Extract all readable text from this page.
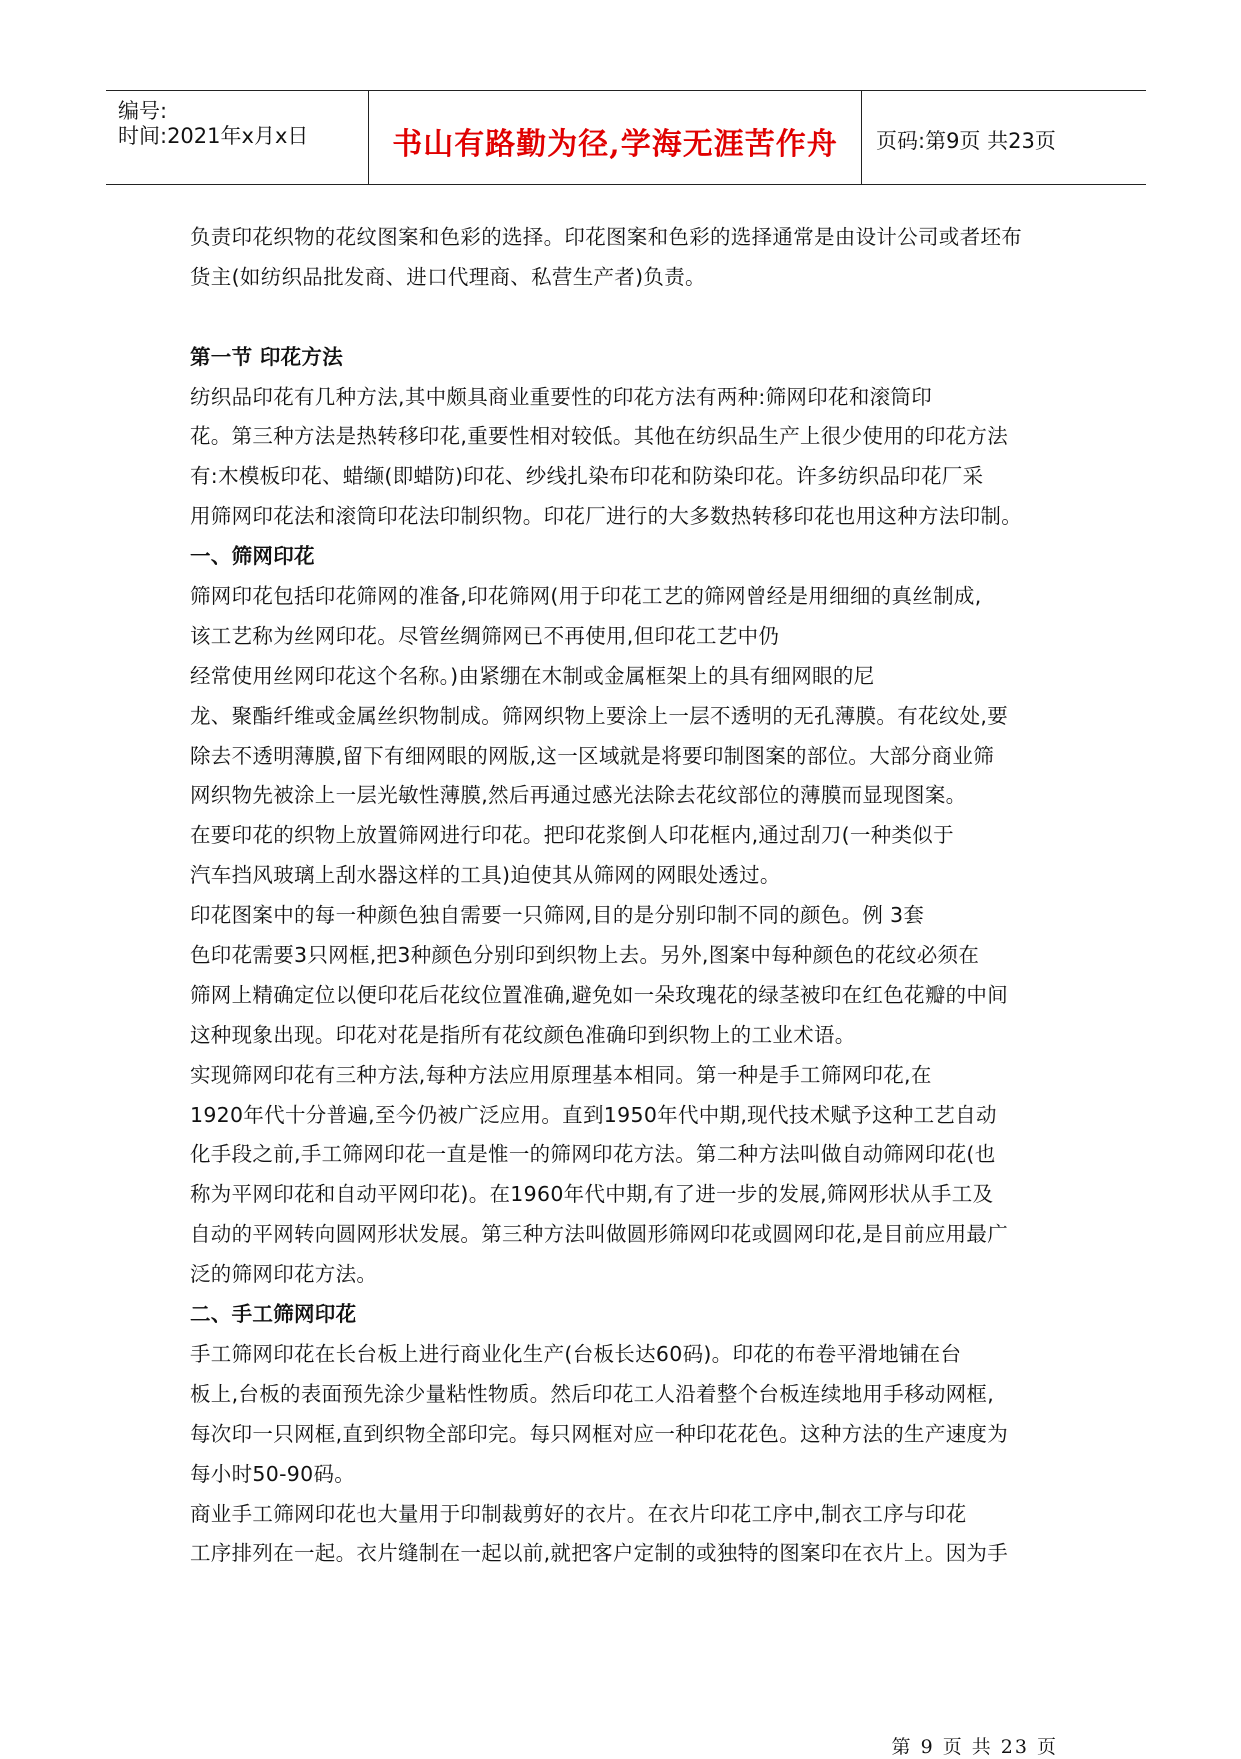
编号:
时间:2021年x月x日	书山有路勤为径,学海无涯苦作舟	页码:第9页 共23页
负责印花织物的花纹图案和色彩的选择。印花图案和色彩的选择通常是由设计公司或者坯布
货主(如纺织品批发商、进口代理商、私营生产者)负责。
第一节 印花方法
纺织品印花有几种方法,其中颇具商业重要性的印花方法有两种:筛网印花和滚筒印
花。第三种方法是热转移印花,重要性相对较低。其他在纺织品生产上很少使用的印花方法
有:木模板印花、蜡缬(即蜡防)印花、纱线扎染布印花和防染印花。许多纺织品印花厂采
用筛网印花法和滚筒印花法印制织物。印花厂进行的大多数热转移印花也用这种方法印制。
一、筛网印花
筛网印花包括印花筛网的准备,印花筛网(用于印花工艺的筛网曾经是用细细的真丝制成,
该工艺称为丝网印花。尽管丝绸筛网已不再使用,但印花工艺中仍
经常使用丝网印花这个名称。)由紧绷在木制或金属框架上的具有细网眼的尼
龙、聚酯纤维或金属丝织物制成。筛网织物上要涂上一层不透明的无孔薄膜。有花纹处,要
除去不透明薄膜,留下有细网眼的网版,这一区域就是将要印制图案的部位。大部分商业筛
网织物先被涂上一层光敏性薄膜,然后再通过感光法除去花纹部位的薄膜而显现图案。
在要印花的织物上放置筛网进行印花。把印花浆倒人印花框内,通过刮刀(一种类似于
汽车挡风玻璃上刮水器这样的工具)迫使其从筛网的网眼处透过。
印花图案中的每一种颜色独自需要一只筛网,目的是分别印制不同的颜色。例 3套
色印花需要3只网框,把3种颜色分别印到织物上去。另外,图案中每种颜色的花纹必须在
筛网上精确定位以便印花后花纹位置准确,避免如一朵玫瑰花的绿茎被印在红色花瓣的中间
这种现象出现。印花对花是指所有花纹颜色准确印到织物上的工业术语。
实现筛网印花有三种方法,每种方法应用原理基本相同。第一种是手工筛网印花,在
1920年代十分普遍,至今仍被广泛应用。直到1950年代中期,现代技术赋予这种工艺自动
化手段之前,手工筛网印花一直是惟一的筛网印花方法。第二种方法叫做自动筛网印花(也
称为平网印花和自动平网印花)。在1960年代中期,有了进一步的发展,筛网形状从手工及
自动的平网转向圆网形状发展。第三种方法叫做圆形筛网印花或圆网印花,是目前应用最广
泛的筛网印花方法。
二、手工筛网印花
手工筛网印花在长台板上进行商业化生产(台板长达60码)。印花的布卷平滑地铺在台
板上,台板的表面预先涂少量粘性物质。然后印花工人沿着整个台板连续地用手移动网框,
每次印一只网框,直到织物全部印完。每只网框对应一种印花花色。这种方法的生产速度为
每小时50-90码。
商业手工筛网印花也大量用于印制裁剪好的衣片。在衣片印花工序中,制衣工序与印花
工序排列在一起。衣片缝制在一起以前,就把客户定制的或独特的图案印在衣片上。因为手
第 9 页 共 23 页
